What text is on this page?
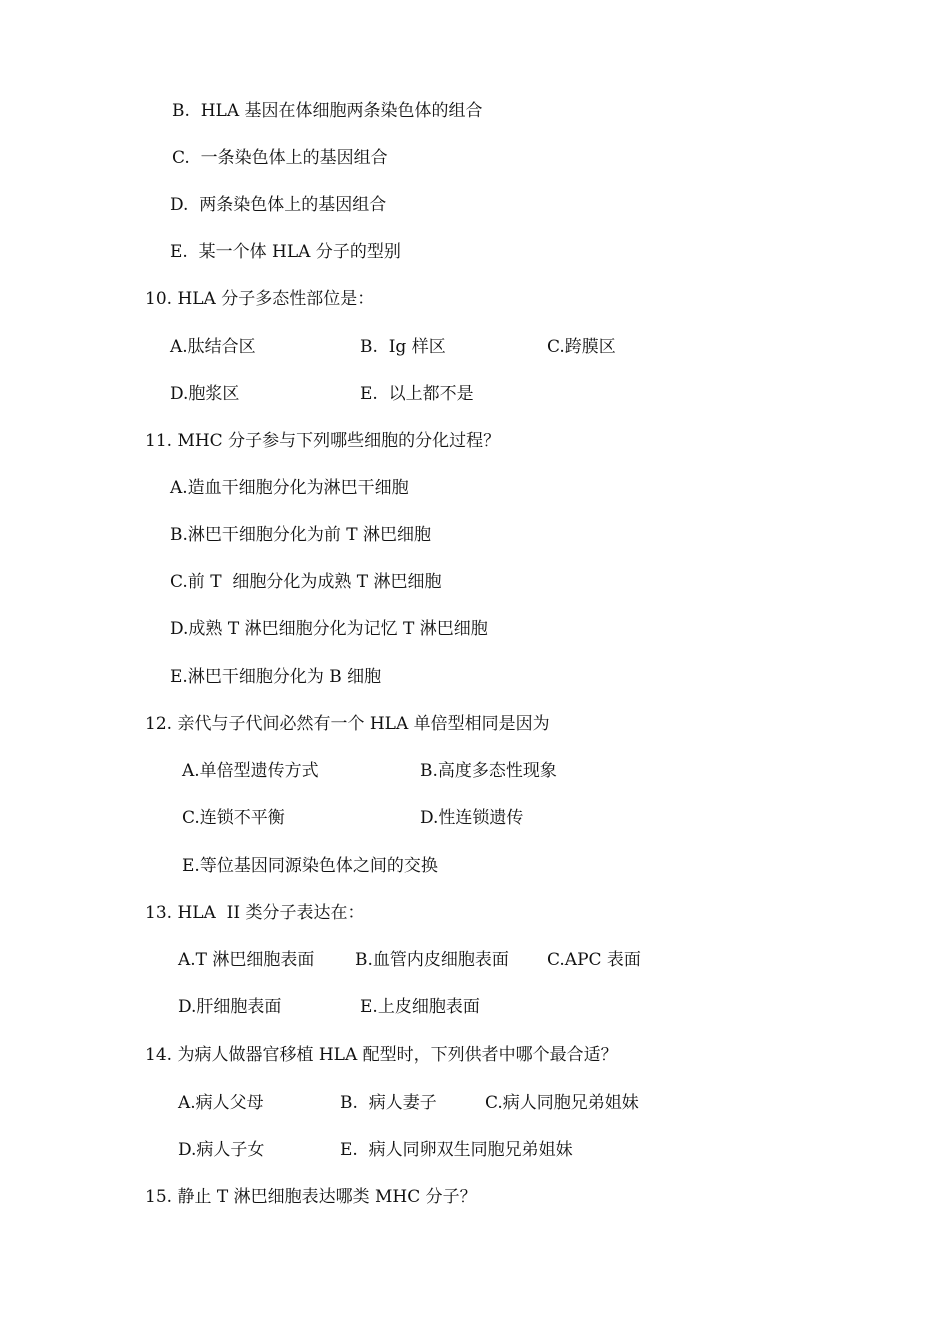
B.  HLA 基因在体细胞两条染色体的组合
C.  一条染色体上的基因组合
D.  两条染色体上的基因组合
E.  某一个体 HLA 分子的型别
10. HLA 分子多态性部位是：
A.肽结合区	B.  Ig 样区	C.跨膜区
D.胞浆区	E.  以上都不是
11. MHC 分子参与下列哪些细胞的分化过程？
A.造血干细胞分化为淋巴干细胞
B.淋巴干细胞分化为前 T 淋巴细胞
C.前 T  细胞分化为成熟 T 淋巴细胞
D.成熟 T 淋巴细胞分化为记忆 T 淋巴细胞
E.淋巴干细胞分化为 B 细胞
12. 亲代与子代间必然有一个 HLA 单倍型相同是因为
A.单倍型遗传方式	B.高度多态性现象
C.连锁不平衡	D.性连锁遗传
E.等位基因同源染色体之间的交换
13. HLA  II 类分子表达在：
A.T 淋巴细胞表面 B.血管内皮细胞表面 C.APC 表面
D.肝细胞表面	E.上皮细胞表面
14. 为病人做器官移植 HLA 配型时，下列供者中哪个最合适？
A.病人父母	B.  病人妻子	C.病人同胞兄弟姐妹
D.病人子女	E.  病人同卵双生同胞兄弟姐妹
15. 静止 T 淋巴细胞表达哪类 MHC 分子？
